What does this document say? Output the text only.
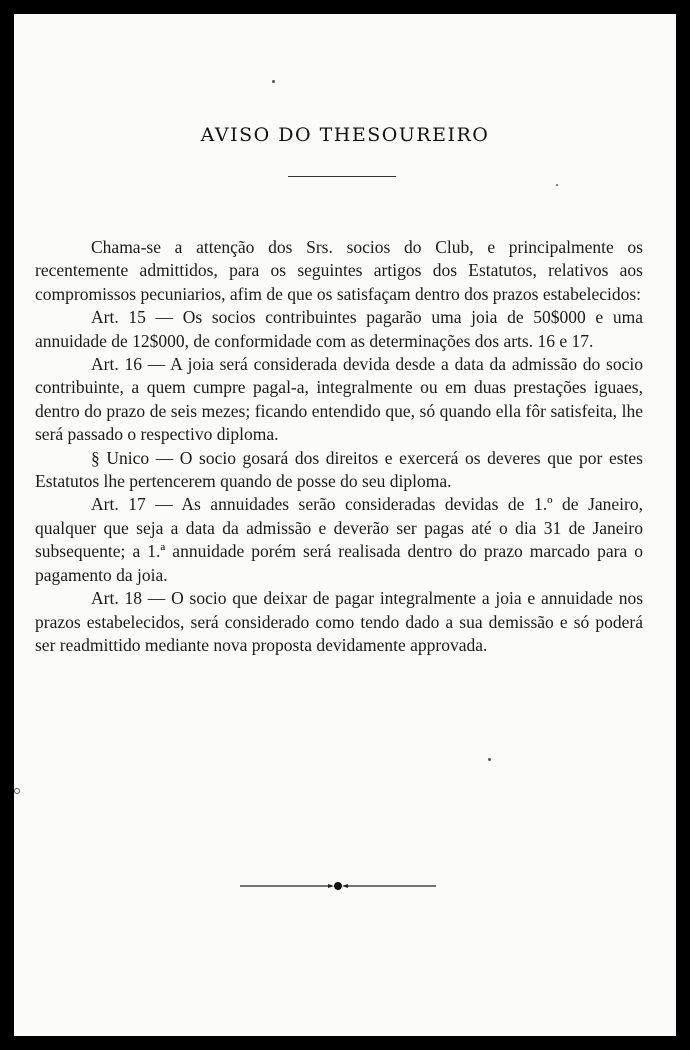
AVISO DO THESOUREIRO

Chama-se a attenção dos Srs. socios do Club, e principalmente os recentemente admittidos, para os seguintes artigos dos Estatutos, relativos aos compromissos pecuniarios, afim de que os satisfaçam dentro dos prazos estabelecidos:

Art. 15 — Os socios contribuintes pagarão uma joia de 50$000 e uma annuidade de 12$000, de conformidade com as determinações dos arts. 16 e 17.

Art. 16 — A joia será considerada devida desde a data da admissão do socio contribuinte, a quem cumpre pagal-a, integralmente ou em duas prestações iguaes, dentro do prazo de seis mezes; ficando entendido que, só quando ella fôr satisfeita, lhe será passado o respectivo diploma.

§ Unico — O socio gosará dos direitos e exercerá os deveres que por estes Estatutos lhe pertencerem quando de posse do seu diploma.

Art. 17 — As annuidades serão consideradas devidas de 1.º de Janeiro, qualquer que seja a data da admissão e deverão ser pagas até o dia 31 de Janeiro subsequente; a 1.ª annuidade porém será realisada dentro do prazo marcado para o pagamento da joia.

Art. 18 — O socio que deixar de pagar integralmente a joia e annuidade nos prazos estabelecidos, será considerado como tendo dado a sua demissão e só poderá ser readmittido mediante nova proposta devidamente approvada.
